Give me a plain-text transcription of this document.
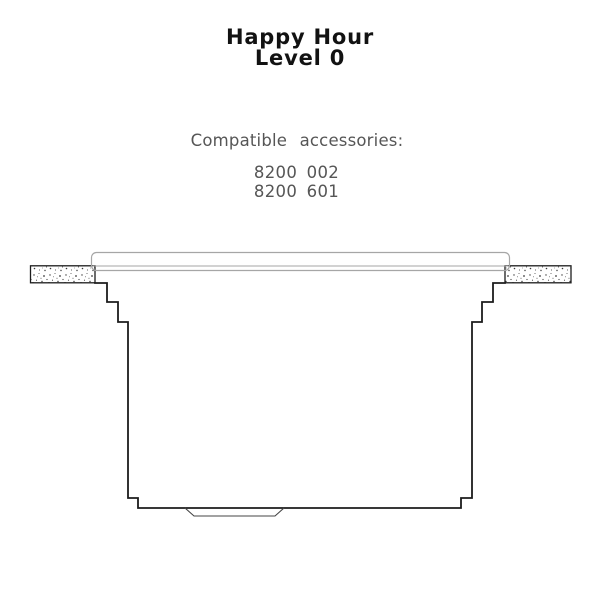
Happy Hour
Level 0
Compatible accessories:
8200 002
8200 601
